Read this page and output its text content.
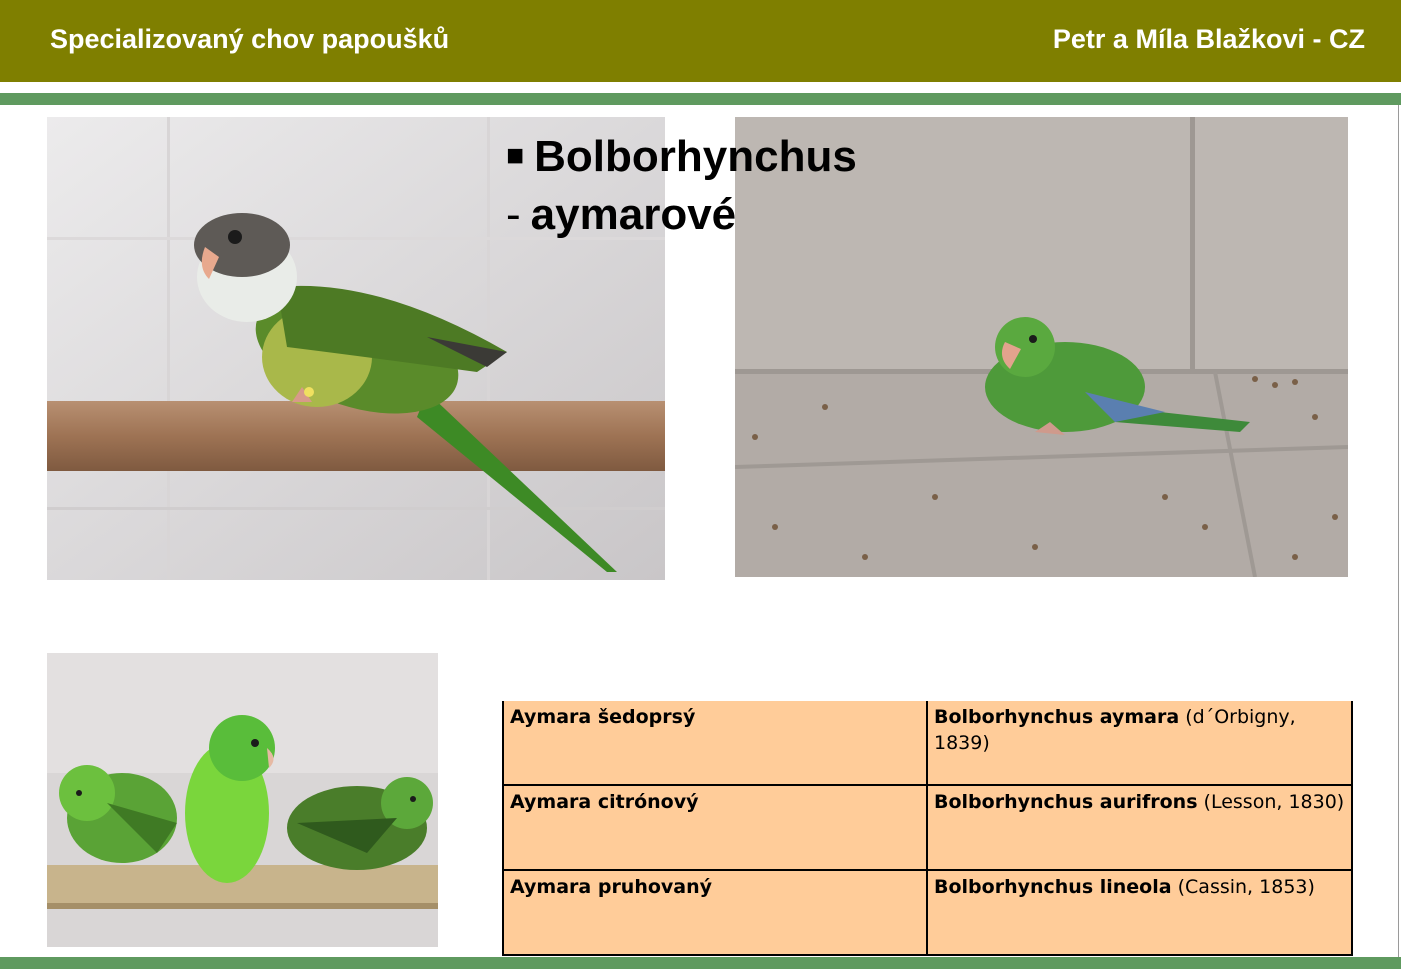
Specializovaný chov papoušků	Petr a Míla Blažkovi - CZ
■ Bolborhynchus
- aymarové
Aymara šedoprsý	Bolborhynchus aymara (d´Orbigny, 1839)
Aymara citrónový	Bolborhynchus aurifrons (Lesson, 1830)
Aymara pruhovaný	Bolborhynchus lineola (Cassin, 1853)
